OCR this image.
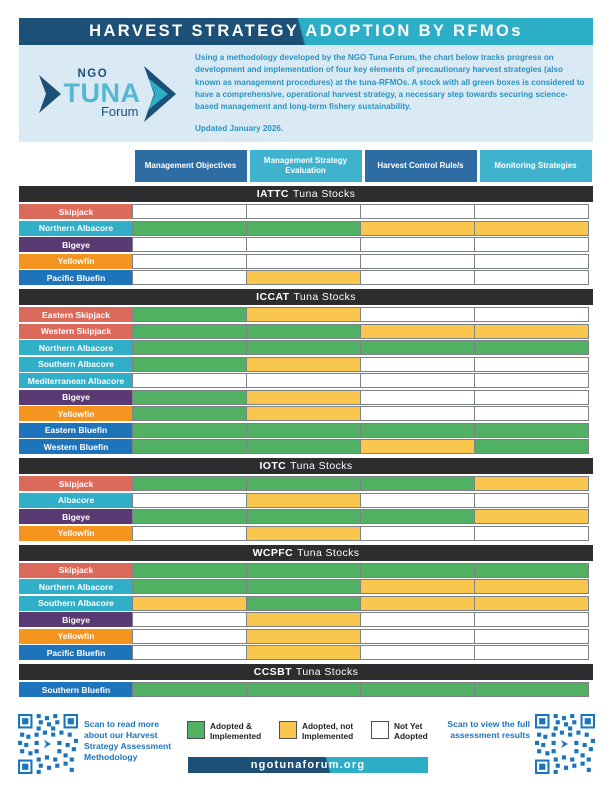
HARVEST STRATEGY ADOPTION BY RFMOs
NGO
TUNA
Forum

Using a methodology developed by the NGO Tuna Forum, the chart below tracks progress on development and implementation of four key elements of precautionary harvest strategies (also known as management procedures) at the tuna-RFMOs. A stock with all green boxes is considered to have a comprehensive, operational harvest strategy, a necessary step towards securing science-based management and long-term fishery sustainability.

Updated January 2026.

Management Objectives
Management Strategy Evaluation
Harvest Control Rule/s	Monitoring Strategies
IATTC Tuna Stocks
Skipjack
Northern Albacore
Bigeye
Yellowfin
Pacific Bluefin
ICCAT Tuna Stocks
Eastern Skipjack
Western Skipjack
Northern Albacore
Southern Albacore
Mediterranean Albacore
Bigeye
Yellowfin
Eastern Bluefin
Western Bluefin
IOTC Tuna Stocks
Skipjack
Albacore
Bigeye
Yellowfin
WCPFC Tuna Stocks
Skipjack
Northern Albacore
Southern Albacore
Bigeye
Yellowfin
Pacific Bluefin
CCSBT Tuna Stocks
Southern Bluefin
Scan to read more about our Harvest Strategy Assessment Methodology
Adopted & Implemented
Adopted, not Implemented
Not Yet Adopted
ngotunaforum.org
Scan to view the full assessment results
